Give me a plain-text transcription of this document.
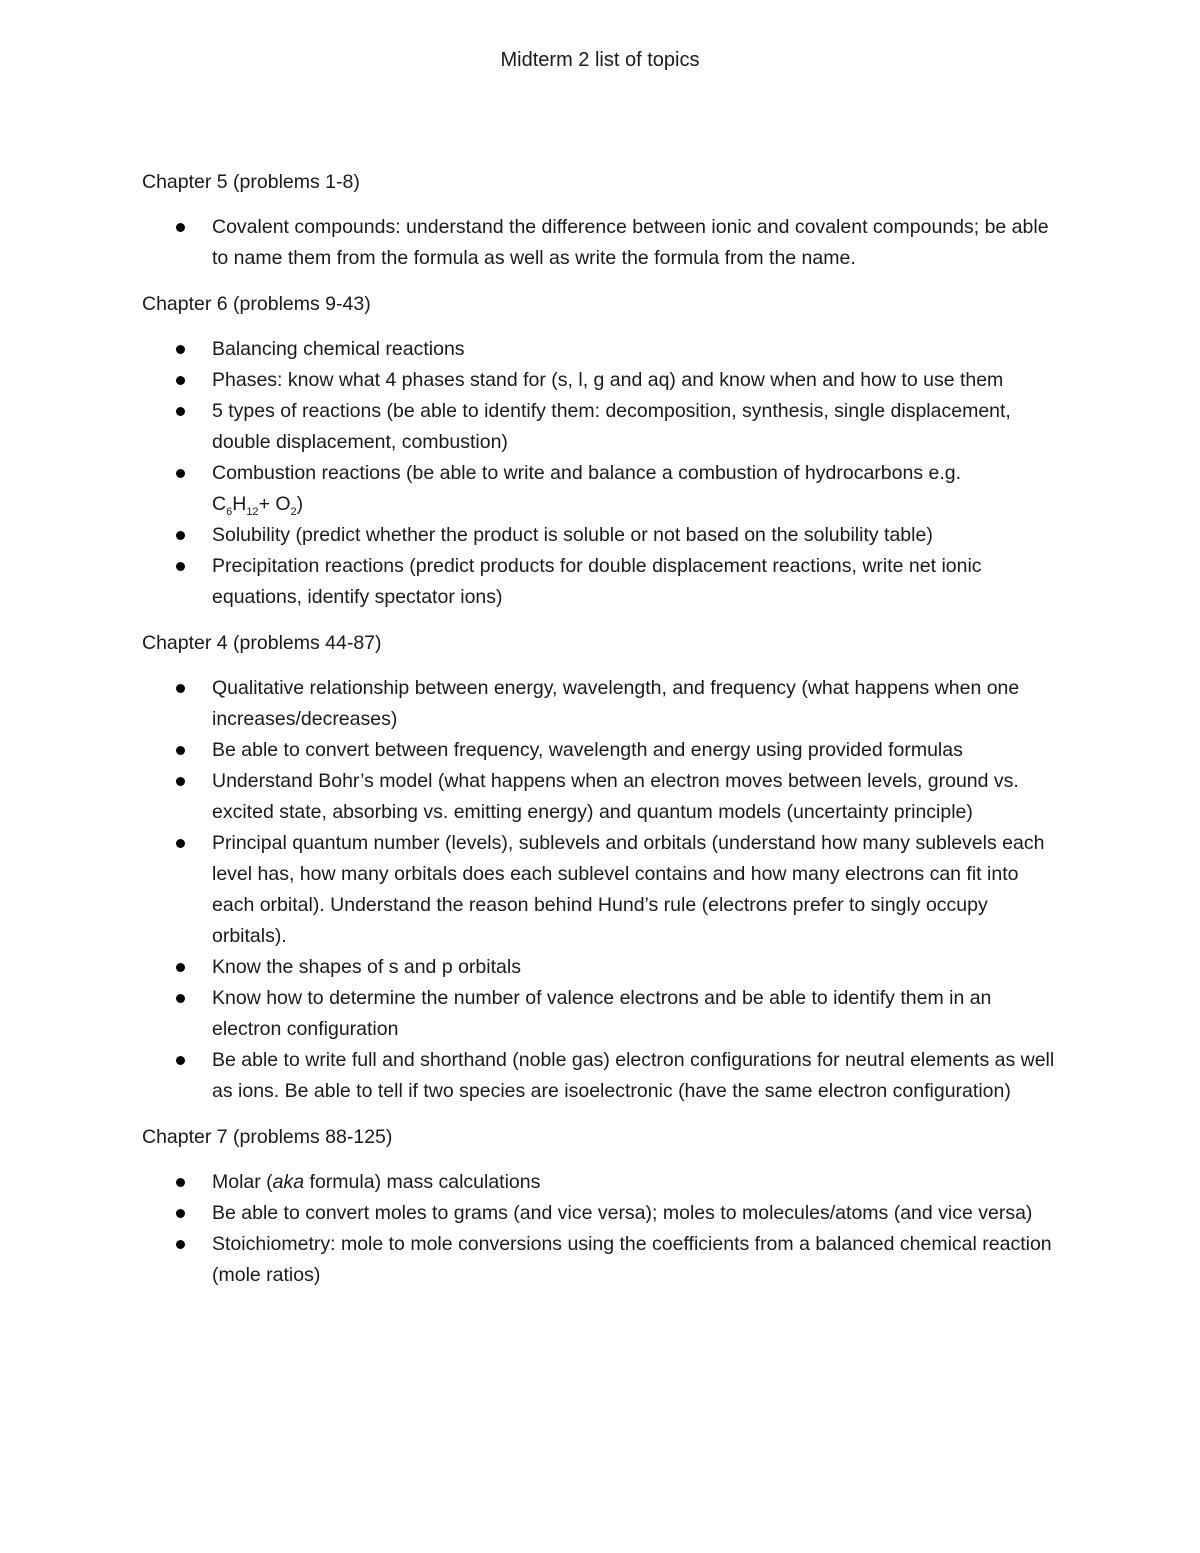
Midterm 2 list of topics

Chapter 5 (problems 1-8)

Covalent compounds: understand the difference between ionic and covalent compounds; be able to name them from the formula as well as write the formula from the name.

Chapter 6 (problems 9-43)

Balancing chemical reactions
Phases: know what 4 phases stand for (s, l, g and aq) and know when and how to use them
5 types of reactions (be able to identify them: decomposition, synthesis, single displacement, double displacement, combustion)
Combustion reactions (be able to write and balance a combustion of hydrocarbons e.g.
$C_6H_{12}+ O_2$)
Solubility (predict whether the product is soluble or not based on the solubility table)
Precipitation reactions (predict products for double displacement reactions, write net ionic equations, identify spectator ions)

Chapter 4 (problems 44-87)

Qualitative relationship between energy, wavelength, and frequency (what happens when one increases/decreases)
Be able to convert between frequency, wavelength and energy using provided formulas
Understand Bohr’s model (what happens when an electron moves between levels, ground vs. excited state, absorbing vs. emitting energy) and quantum models (uncertainty principle)
Principal quantum number (levels), sublevels and orbitals (understand how many sublevels each level has, how many orbitals does each sublevel contains and how many electrons can fit into each orbital). Understand the reason behind Hund’s rule (electrons prefer to singly occupy orbitals).
Know the shapes of s and p orbitals
Know how to determine the number of valence electrons and be able to identify them in an electron configuration
Be able to write full and shorthand (noble gas) electron configurations for neutral elements as well as ions. Be able to tell if two species are isoelectronic (have the same electron configuration)

Chapter 7 (problems 88-125)

Molar (aka formula) mass calculations
Be able to convert moles to grams (and vice versa); moles to molecules/atoms (and vice versa)
Stoichiometry: mole to mole conversions using the coefficients from a balanced chemical reaction (mole ratios)
